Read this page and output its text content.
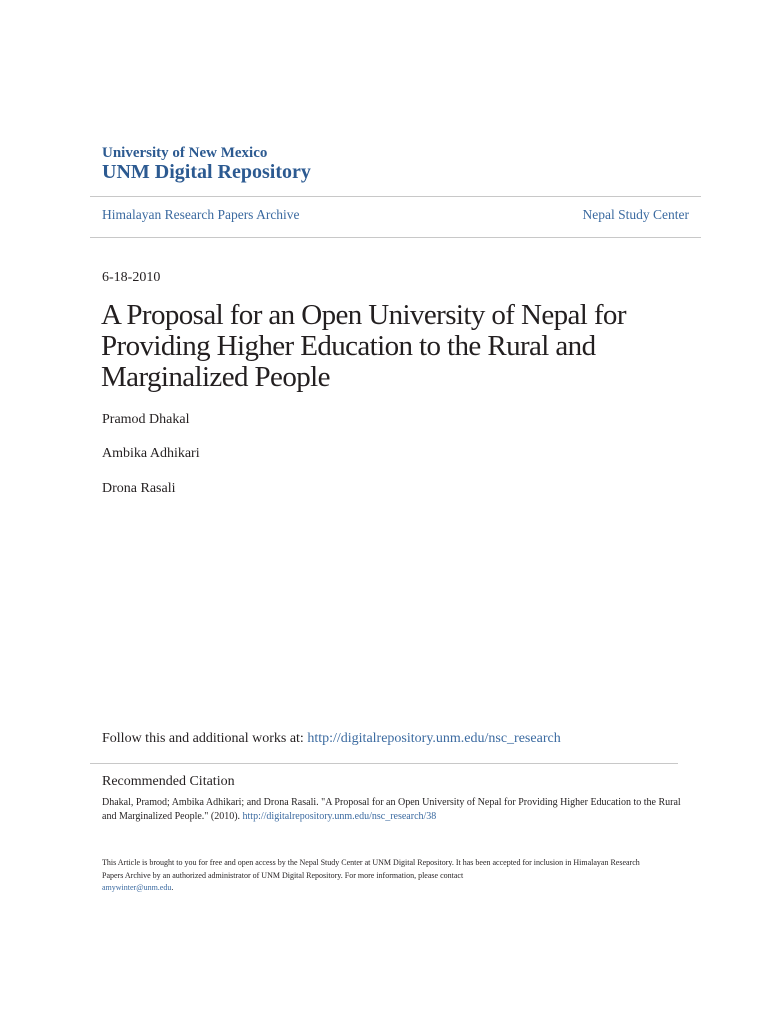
University of New Mexico
UNM Digital Repository
Himalayan Research Papers Archive	Nepal Study Center
6-18-2010
A Proposal for an Open University of Nepal for Providing Higher Education to the Rural and Marginalized People
Pramod Dhakal
Ambika Adhikari
Drona Rasali
Follow this and additional works at: http://digitalrepository.unm.edu/nsc_research
Recommended Citation
Dhakal, Pramod; Ambika Adhikari; and Drona Rasali. "A Proposal for an Open University of Nepal for Providing Higher Education to the Rural and Marginalized People." (2010). http://digitalrepository.unm.edu/nsc_research/38
This Article is brought to you for free and open access by the Nepal Study Center at UNM Digital Repository. It has been accepted for inclusion in Himalayan Research Papers Archive by an authorized administrator of UNM Digital Repository. For more information, please contact
amywinter@unm.edu.
